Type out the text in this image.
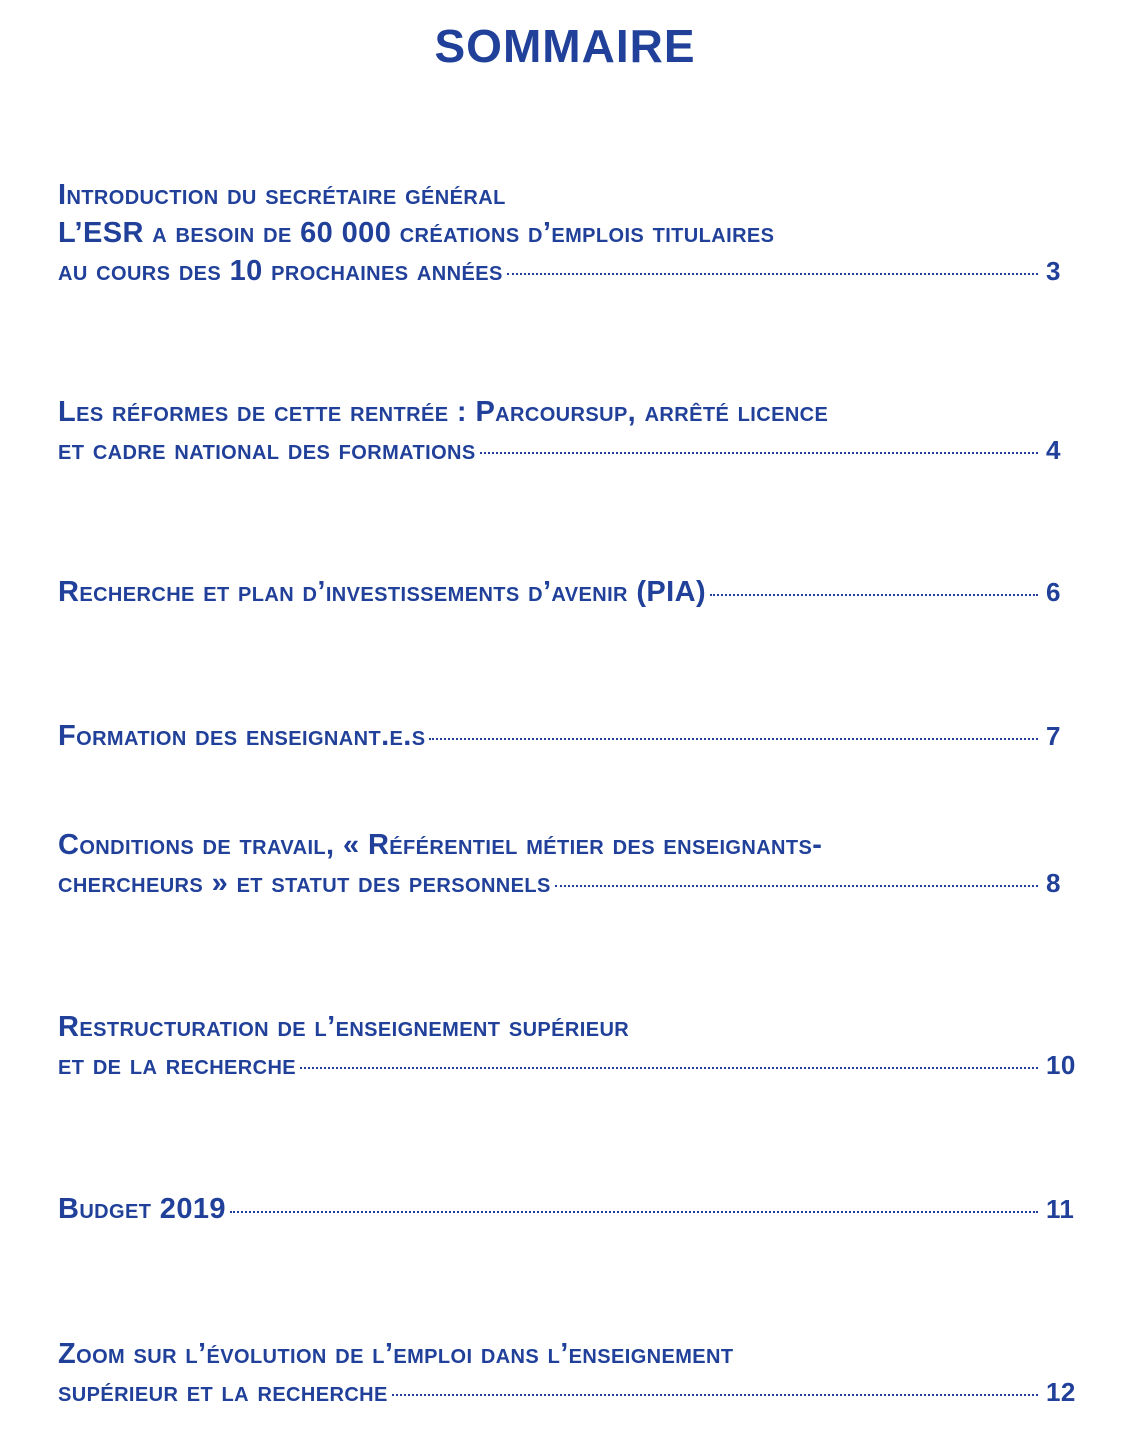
SOMMAIRE
Introduction du secrétaire général
L’ESR a besoin de 60 000 créations d’emplois titulaires
au cours des 10 prochaines années	3
Les réformes de cette rentrée : Parcoursup, arrêté licence
et cadre national des formations	4
Recherche et plan d’investissements d’avenir (PIA)	6
Formation des enseignant.e.s	7
Conditions de travail, « Référentiel métier des enseignants-
chercheurs » et statut des personnels	8
Restructuration de l’enseignement supérieur
et de la recherche	10
Budget 2019	11
Zoom sur l’évolution de l’emploi dans l’enseignement
supérieur et la recherche	12
